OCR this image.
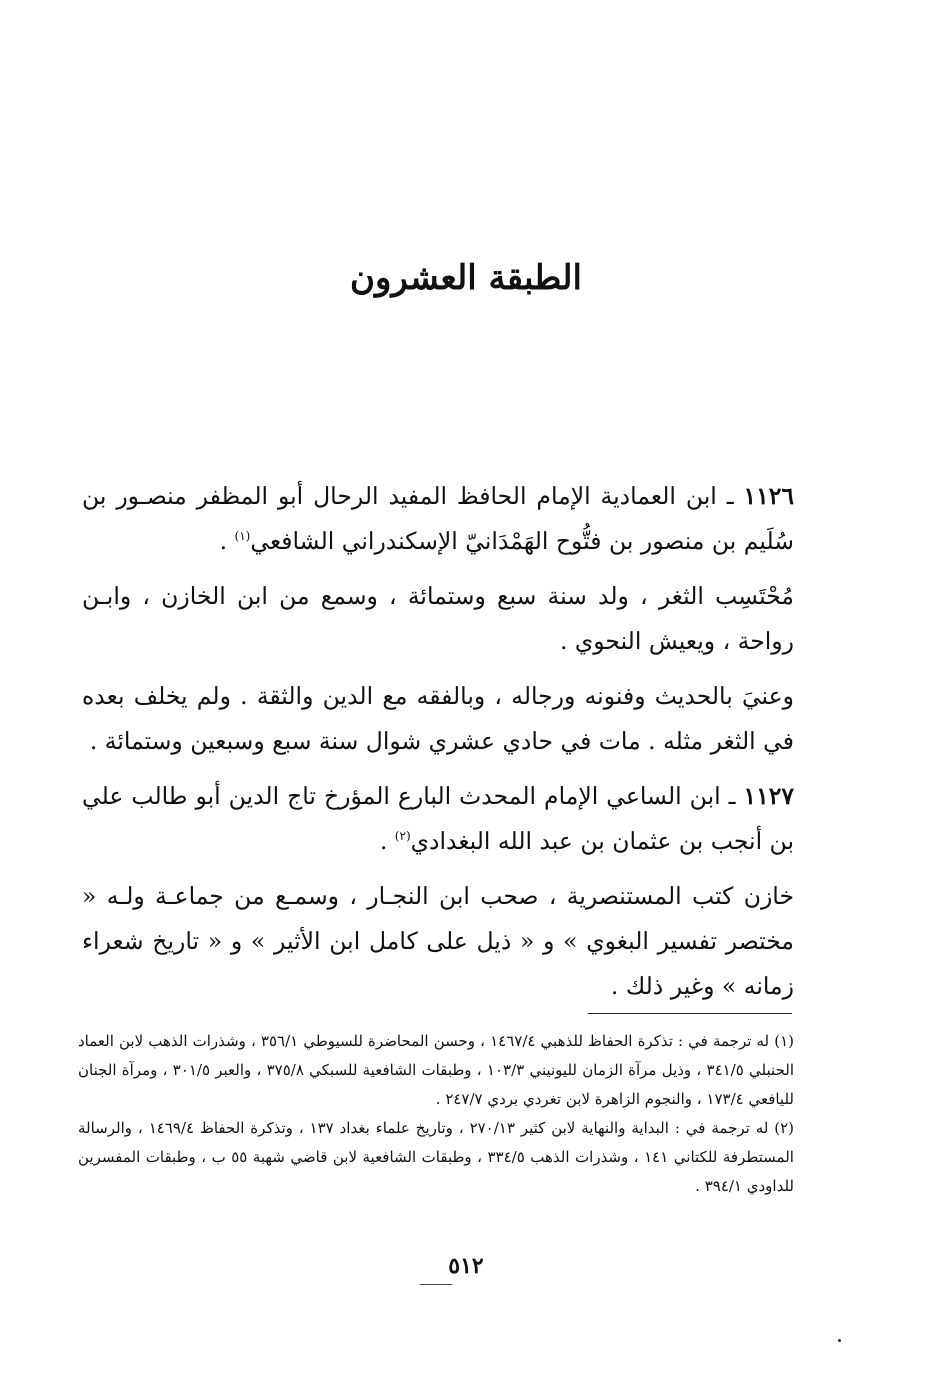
الطبقة العشرون

١١٢٦ ـ ابن العمادية الإمام الحافظ المفيد الرحال أبو المظفر منصـور بن سُلَيم بن منصور بن فتُّوح الهَمْدَانيّ الإسكندراني الشافعي$^{(١)}$ .

مُحْتَسِب الثغر ، ولد سنة سبع وستمائة ، وسمع من ابن الخازن ، وابـن رواحة ، ويعيش النحوي .

وعنيَ بالحديث وفنونه ورجاله ، وبالفقه مع الدين والثقة . ولم يخلف بعده في الثغر مثله . مات في حادي عشري شوال سنة سبع وسبعين وستمائة .

١١٢٧ ـ ابن الساعي الإمام المحدث البارع المؤرخ تاج الدين أبو طالب علي بن أنجب بن عثمان بن عبد الله البغدادي$^{(٢)}$ .

خازن كتب المستنصرية ، صحب ابن النجـار ، وسمـع من جماعـة ولـه « مختصر تفسير البغوي » و « ذيل على كامل ابن الأثير » و « تاريخ شعراء زمانه » وغير ذلك .

(١) له ترجمة في : تذكرة الحفاظ للذهبي ١٤٦٧/٤ ، وحسن المحاضرة للسيوطي ٣٥٦/١ ، وشذرات الذهب لابن العماد الحنبلي ٣٤١/٥ ، وذيل مرآة الزمان لليونيني ١٠٣/٣ ، وطبقات الشافعية للسبكي ٣٧٥/٨ ، والعبر ٣٠١/٥ ، ومرآة الجنان لليافعي ١٧٣/٤ ، والنجوم الزاهرة لابن تغردي بردي ٢٤٧/٧ .

(٢) له ترجمة في : البداية والنهاية لابن كثير ٢٧٠/١٣ ، وتاريخ علماء بغداد ١٣٧ ، وتذكرة الحفاظ ١٤٦٩/٤ ، والرسالة المستطرفة للكتاني ١٤١ ، وشذرات الذهب ٣٣٤/٥ ، وطبقات الشافعية لابن قاضي شهبة ٥٥ ب ، وطبقات المفسرين للداودي ٣٩٤/١ .

٥١٢
